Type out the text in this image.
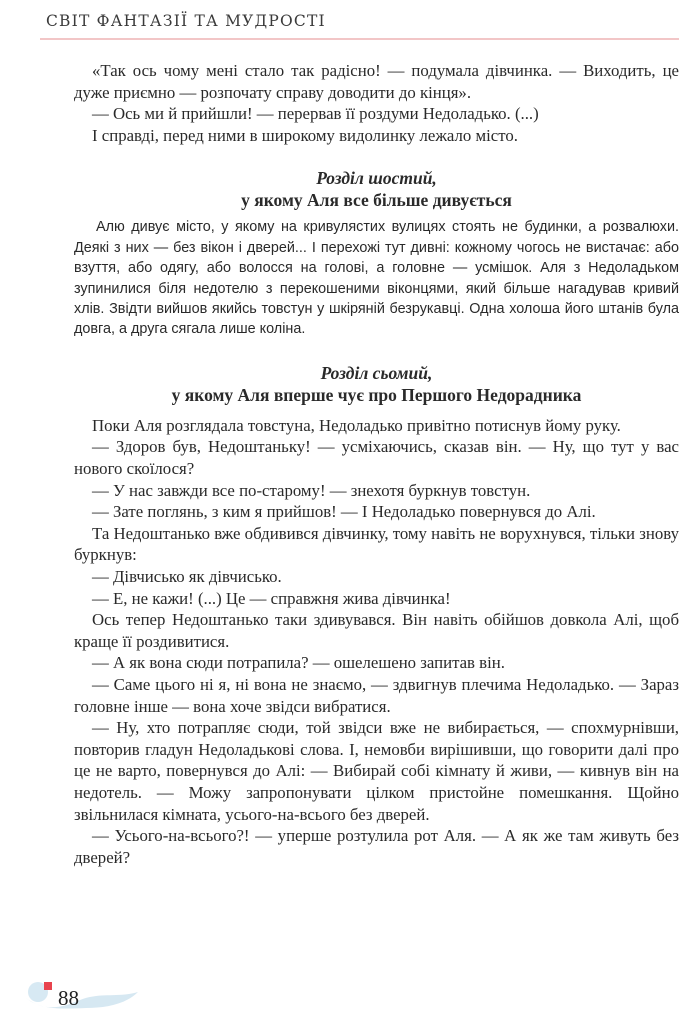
СВІТ ФАНТАЗІЇ ТА МУДРОСТІ

«Так ось чому мені стало так радісно! — подумала дівчинка. — Виходить, це дуже приємно — розпочату справу доводити до кінця».

— Ось ми й прийшли! — перервав її роздуми Недоладько. (...)

І справді, перед ними в широкому видолинку лежало місто.

Розділ шостий,
у якому Аля все більше дивується

Алю дивує місто, у якому на кривулястих вулицях стоять не будинки, а розвалюхи. Деякі з них — без вікон і дверей... І перехожі тут дивні: кожному чогось не вистачає: або взуття, або одягу, або волосся на голові, а головне — усмішок. Аля з Недоладьком зупинилися біля недотелю з перекошеними віконцями, який більше нагадував кривий хлів. Звідти вийшов якийсь товстун у шкіряній безрукавці. Одна холоша його штанів була довга, а друга сягала лише коліна.

Розділ сьомий,
у якому Аля вперше чує про Першого Недорадника

Поки Аля розглядала товстуна, Недоладько привітно потиснув йому руку.

— Здоров був, Недоштаньку! — усміхаючись, сказав він. — Ну, що тут у вас нового скоїлося?

— У нас завжди все по-старому! — знехотя буркнув товстун.

— Зате поглянь, з ким я прийшов! — І Недоладько повернувся до Алі.

Та Недоштанько вже обдивився дівчинку, тому навіть не ворухнувся, тільки знову буркнув:

— Дівчисько як дівчисько.

— Е, не кажи! (...) Це — справжня жива дівчинка!

Ось тепер Недоштанько таки здивувався. Він навіть обійшов довкола Алі, щоб краще її роздивитися.

— А як вона сюди потрапила? — ошелешено запитав він.

— Саме цього ні я, ні вона не знаємо, — здвигнув плечима Недоладько. — Зараз головне інше — вона хоче звідси вибратися.

— Ну, хто потрапляє сюди, той звідси вже не вибирається, — спохмурнівши, повторив гладун Недоладькові слова. І, немовби вирішивши, що говорити далі про це не варто, повернувся до Алі: — Вибирай собі кімнату й живи, — кивнув він на недотель. — Можу запропонувати цілком пристойне помешкання. Щойно звільнилася кімната, усього-на-всього без дверей.

— Усього-на-всього?! — уперше розтулила рот Аля. — А як же там живуть без дверей?

88
